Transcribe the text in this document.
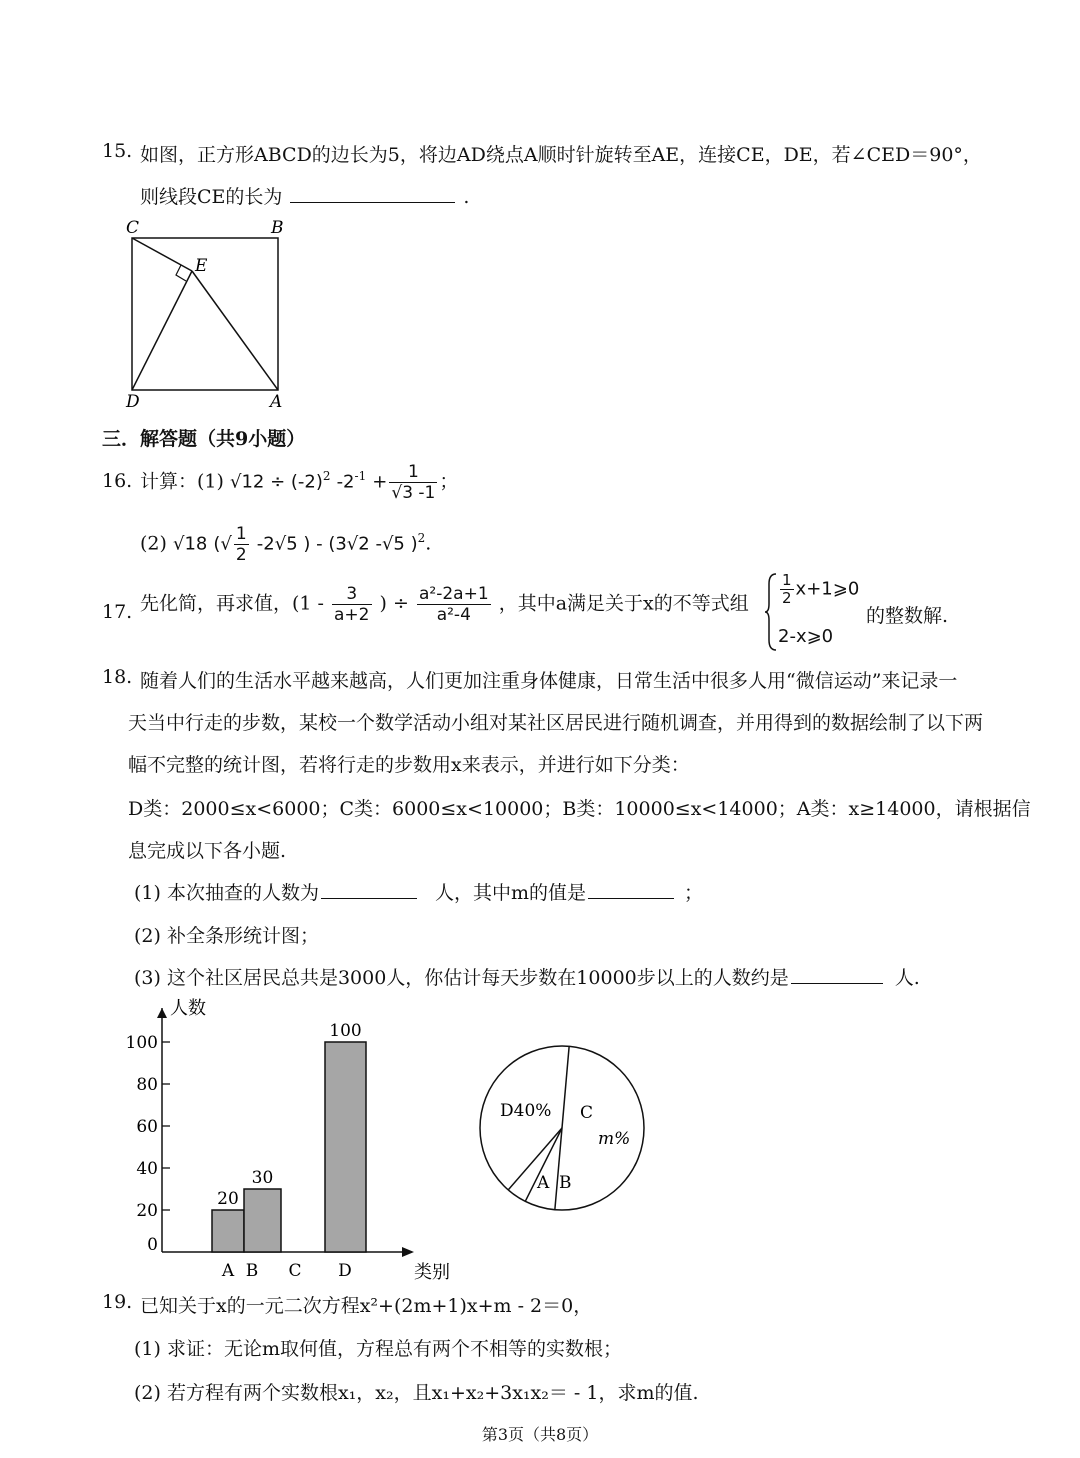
15. 如图，正方形ABCD的边长为5，将边AD绕点A顺时针旋转至AE，连接CE，DE，若∠CED＝90°，
则线段CE的长为	.
C	B
E
D	A
三．解答题（共9小题）
16. 计算：(1) $√12 \div (-2)^2$ $-2^{-1} + \frac{1}{√3 -1}$ ；
(2) √18 (√ $\frac{1}{2} -2√5$ ) - (3√2 -√5 )$^2$.
17. 先化简，再求值，($1 - \frac{3}{a+2}$ ) ÷ $\frac{\text{a²-2a+1}}{\text{a²-4}}$ ，其中a满足关于x的不等式组 $\frac{1}{2}$ x+1⩾0
2-x⩾0
的整数解.
18. 随着人们的生活水平越来越高，人们更加注重身体健康，日常生活中很多人用“微信运动”来记录一
天当中行走的步数，某校一个数学活动小组对某社区居民进行随机调查，并用得到的数据绘制了以下两
幅不完整的统计图，若将行走的步数用x来表示，并进行如下分类：
D类：2000≤x<6000；C类：6000≤x<10000；B类：10000≤x<14000；A类：x≥14000，请根据信
息完成以下各小题.
(1) 本次抽查的人数为	人，其中m的值是	；
(2) 补全条形统计图；
(3) 这个社区居民总共是3000人，你估计每天步数在10000步以上的人数约是	人.
人数
类别
0
20
40
60
80
100
A
20
B
30
C D
100
D40% C
m%
A B
19. 已知关于x的一元二次方程x²+(2m+1)x+m - 2＝0，
(1) 求证：无论m取何值，方程总有两个不相等的实数根；
(2) 若方程有两个实数根x₁，x₂，且x₁+x₂+3x₁x₂＝ - 1，求m的值.
第3页（共8页）
